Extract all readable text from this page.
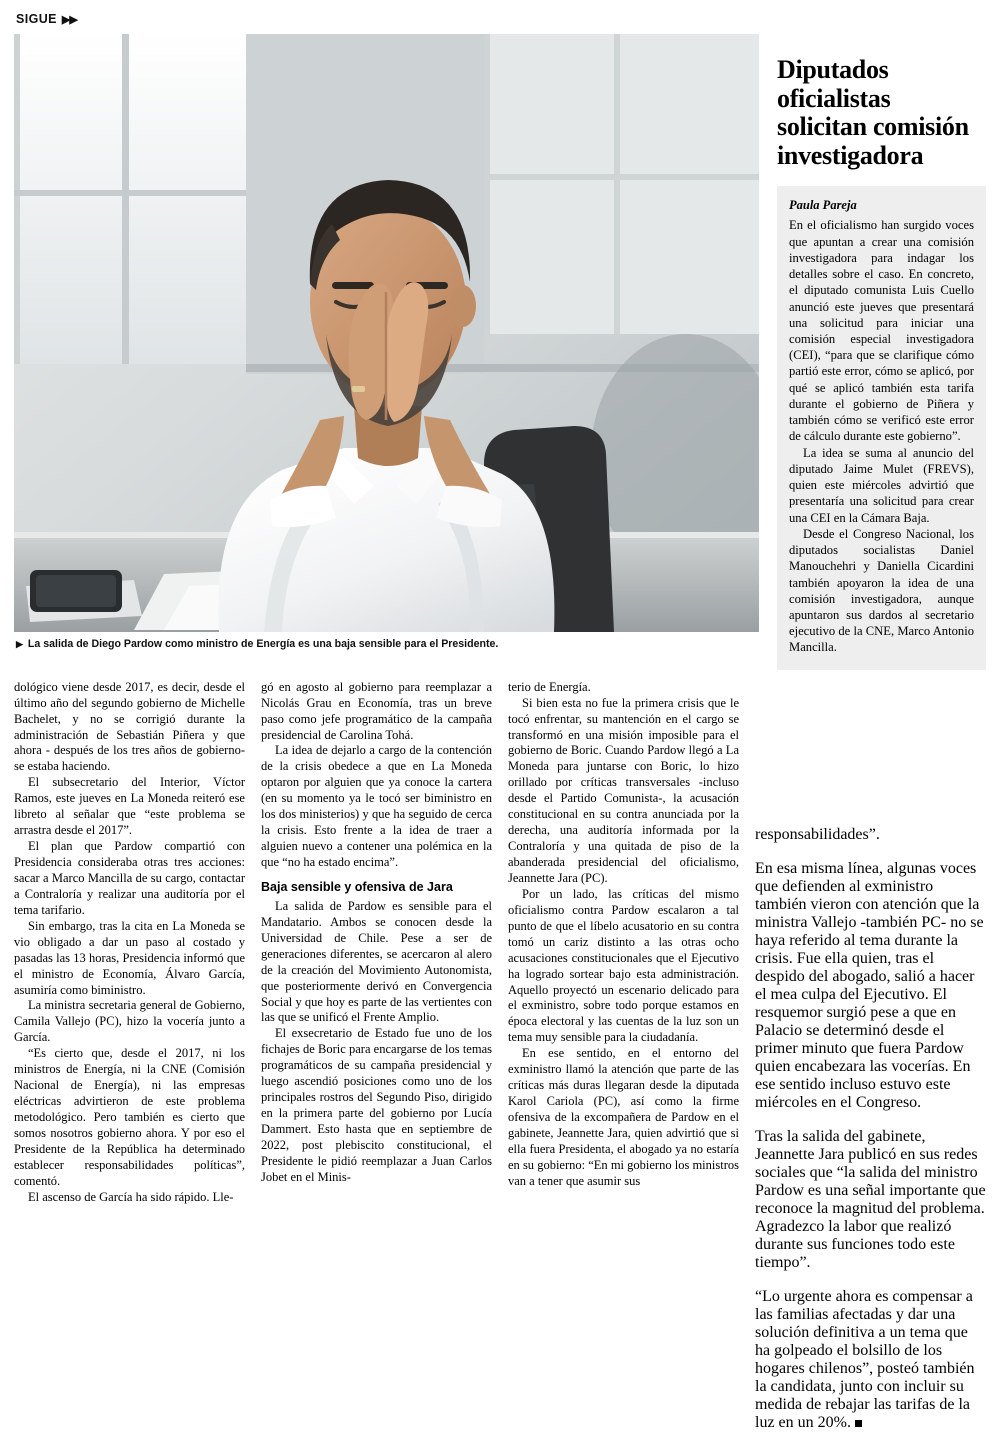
SIGUE ▶▶
▶ La salida de Diego Pardow como ministro de Energía es una baja sensible para el Presidente.
Diputados oficialistas solicitan comisión investigadora
Paula Pareja

En el oficialismo han surgido voces que apuntan a crear una comisión investigadora para indagar los detalles sobre el caso. En concreto, el diputado comunista Luis Cuello anunció este jueves que presentará una solicitud para iniciar una comisión especial investigadora (CEI), “para que se clarifique cómo partió este error, cómo se aplicó, por qué se aplicó también esta tarifa durante el gobierno de Piñera y también cómo se verificó este error de cálculo durante este gobierno”.

La idea se suma al anuncio del diputado Jaime Mulet (FREVS), quien este miércoles advirtió que presentaría una solicitud para crear una CEI en la Cámara Baja.

Desde el Congreso Nacional, los diputados socialistas Daniel Manouchehri y Daniella Cicardini también apoyaron la idea de una comisión investigadora, aunque apuntaron sus dardos al secretario ejecutivo de la CNE, Marco Antonio Mancilla.

dológico viene desde 2017, es decir, desde el último año del segundo gobierno de Michelle Bachelet, y no se corrigió durante la administración de Sebastián Piñera y que ahora - después de los tres años de gobierno- se estaba haciendo.

El subsecretario del Interior, Víctor Ramos, este jueves en La Moneda reiteró ese libreto al señalar que “este problema se arrastra desde el 2017”.

El plan que Pardow compartió con Presidencia consideraba otras tres acciones: sacar a Marco Mancilla de su cargo, contactar a Contraloría y realizar una auditoría por el tema tarifario.

Sin embargo, tras la cita en La Moneda se vio obligado a dar un paso al costado y pasadas las 13 horas, Presidencia informó que el ministro de Economía, Álvaro García, asumiría como biministro.

La ministra secretaria general de Gobierno, Camila Vallejo (PC), hizo la vocería junto a García.

“Es cierto que, desde el 2017, ni los ministros de Energía, ni la CNE (Comisión Nacional de Energía), ni las empresas eléctricas advirtieron de este problema metodológico. Pero también es cierto que somos nosotros gobierno ahora. Y por eso el Presidente de la República ha determinado establecer responsabilidades políticas”, comentó.

El ascenso de García ha sido rápido. Lle-

gó en agosto al gobierno para reemplazar a Nicolás Grau en Economía, tras un breve paso como jefe programático de la campaña presidencial de Carolina Tohá.

La idea de dejarlo a cargo de la contención de la crisis obedece a que en La Moneda optaron por alguien que ya conoce la cartera (en su momento ya le tocó ser biministro en los dos ministerios) y que ha seguido de cerca la crisis. Esto frente a la idea de traer a alguien nuevo a contener una polémica en la que “no ha estado encima”.

Baja sensible y ofensiva de Jara

La salida de Pardow es sensible para el Mandatario. Ambos se conocen desde la Universidad de Chile. Pese a ser de generaciones diferentes, se acercaron al alero de la creación del Movimiento Autonomista, que posteriormente derivó en Convergencia Social y que hoy es parte de las vertientes con las que se unificó el Frente Amplio.

El exsecretario de Estado fue uno de los fichajes de Boric para encargarse de los temas programáticos de su campaña presidencial y luego ascendió posiciones como uno de los principales rostros del Segundo Piso, dirigido en la primera parte del gobierno por Lucía Dammert. Esto hasta que en septiembre de 2022, post plebiscito constitucional, el Presidente le pidió reemplazar a Juan Carlos Jobet en el Minis-

terio de Energía.

Si bien esta no fue la primera crisis que le tocó enfrentar, su mantención en el cargo se transformó en una misión imposible para el gobierno de Boric. Cuando Pardow llegó a La Moneda para juntarse con Boric, lo hizo orillado por críticas transversales -incluso desde el Partido Comunista-, la acusación constitucional en su contra anunciada por la derecha, una auditoría informada por la Contraloría y una quitada de piso de la abanderada presidencial del oficialismo, Jeannette Jara (PC).

Por un lado, las críticas del mismo oficialismo contra Pardow escalaron a tal punto de que el líbelo acusatorio en su contra tomó un cariz distinto a las otras ocho acusaciones constitucionales que el Ejecutivo ha logrado sortear bajo esta administración. Aquello proyectó un escenario delicado para el exministro, sobre todo porque estamos en época electoral y las cuentas de la luz son un tema muy sensible para la ciudadanía.

En ese sentido, en el entorno del exministro llamó la atención que parte de las críticas más duras llegaran desde la diputada Karol Cariola (PC), así como la firme ofensiva de la excompañera de Pardow en el gabinete, Jeannette Jara, quien advirtió que si ella fuera Presidenta, el abogado ya no estaría en su gobierno: “En mi gobierno los ministros van a tener que asumir sus

responsabilidades”.

En esa misma línea, algunas voces que defienden al exministro también vieron con atención que la ministra Vallejo -también PC- no se haya referido al tema durante la crisis. Fue ella quien, tras el despido del abogado, salió a hacer el mea culpa del Ejecutivo. El resquemor surgió pese a que en Palacio se determinó desde el primer minuto que fuera Pardow quien encabezara las vocerías. En ese sentido incluso estuvo este miércoles en el Congreso.

Tras la salida del gabinete, Jeannette Jara publicó en sus redes sociales que “la salida del ministro Pardow es una señal importante que reconoce la magnitud del problema. Agradezco la labor que realizó durante sus funciones todo este tiempo”.

“Lo urgente ahora es compensar a las familias afectadas y dar una solución definitiva a un tema que ha golpeado el bolsillo de los hogares chilenos”, posteó también la candidata, junto con incluir su medida de rebajar las tarifas de la luz en un 20%.
